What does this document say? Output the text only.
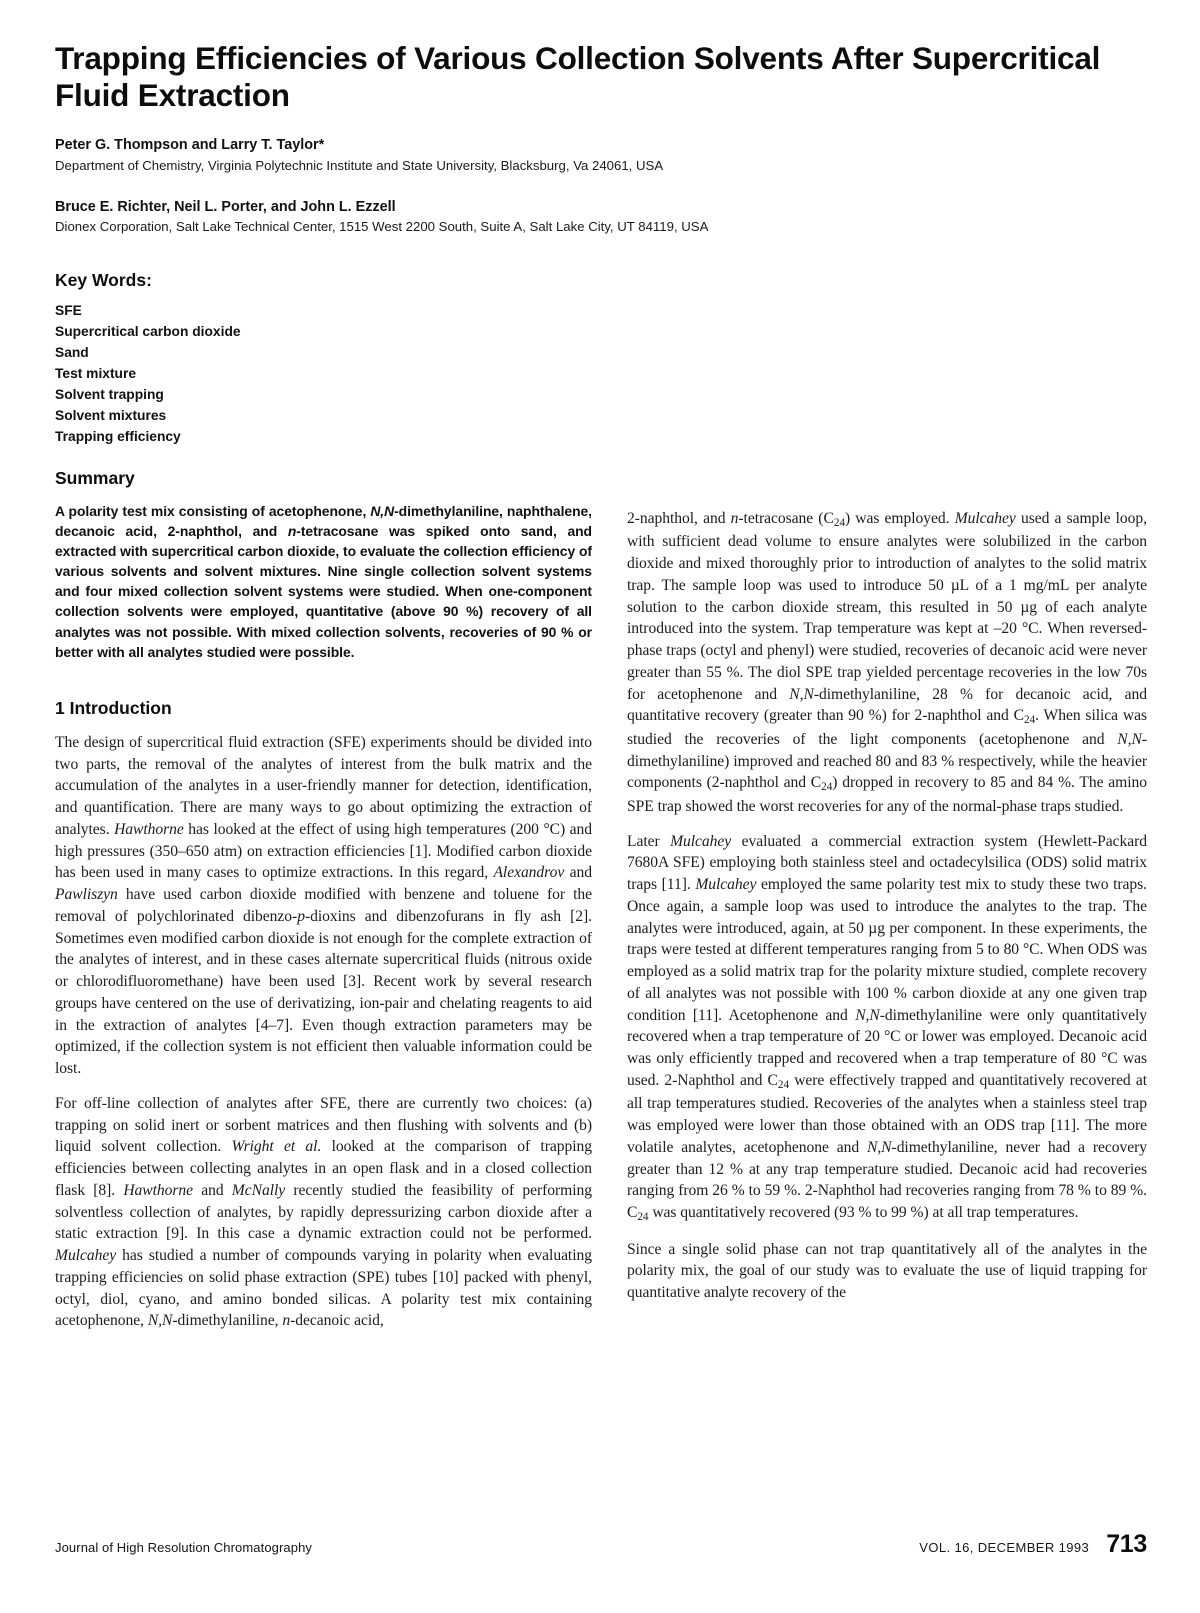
Trapping Efficiencies of Various Collection Solvents After Supercritical Fluid Extraction
Peter G. Thompson and Larry T. Taylor*
Department of Chemistry, Virginia Polytechnic Institute and State University, Blacksburg, Va 24061, USA
Bruce E. Richter, Neil L. Porter, and John L. Ezzell
Dionex Corporation, Salt Lake Technical Center, 1515 West 2200 South, Suite A, Salt Lake City, UT 84119, USA
Key Words:
SFE
Supercritical carbon dioxide
Sand
Test mixture
Solvent trapping
Solvent mixtures
Trapping efficiency
Summary

A polarity test mix consisting of acetophenone, N,N-dimethylaniline, naphthalene, decanoic acid, 2-naphthol, and n-tetracosane was spiked onto sand, and extracted with supercritical carbon dioxide, to evaluate the collection efficiency of various solvents and solvent mixtures. Nine single collection solvent systems and four mixed collection solvent systems were studied. When one-component collection solvents were employed, quantitative (above 90 %) recovery of all analytes was not possible. With mixed collection solvents, recoveries of 90 % or better with all analytes studied were possible.

1 Introduction

The design of supercritical fluid extraction (SFE) experiments should be divided into two parts, the removal of the analytes of interest from the bulk matrix and the accumulation of the analytes in a user-friendly manner for detection, identification, and quantification. There are many ways to go about optimizing the extraction of analytes. Hawthorne has looked at the effect of using high temperatures (200 °C) and high pressures (350–650 atm) on extraction efficiencies [1]. Modified carbon dioxide has been used in many cases to optimize extractions. In this regard, Alexandrov and Pawliszyn have used carbon dioxide modified with benzene and toluene for the removal of polychlorinated dibenzo-p-dioxins and dibenzofurans in fly ash [2]. Sometimes even modified carbon dioxide is not enough for the complete extraction of the analytes of interest, and in these cases alternate supercritical fluids (nitrous oxide or chlorodifluoromethane) have been used [3]. Recent work by several research groups have centered on the use of derivatizing, ion-pair and chelating reagents to aid in the extraction of analytes [4–7]. Even though extraction parameters may be optimized, if the collection system is not efficient then valuable information could be lost.

For off-line collection of analytes after SFE, there are currently two choices: (a) trapping on solid inert or sorbent matrices and then flushing with solvents and (b) liquid solvent collection. Wright et al. looked at the comparison of trapping efficiencies between collecting analytes in an open flask and in a closed collection flask [8]. Hawthorne and McNally recently studied the feasibility of performing solventless collection of analytes, by rapidly depressurizing carbon dioxide after a static extraction [9]. In this case a dynamic extraction could not be performed. Mulcahey has studied a number of compounds varying in polarity when evaluating trapping efficiencies on solid phase extraction (SPE) tubes [10] packed with phenyl, octyl, diol, cyano, and amino bonded silicas. A polarity test mix containing acetophenone, N,N-dimethylaniline, n-decanoic acid,

2-naphthol, and n-tetracosane $(C_{24})$ was employed. Mulcahey used a sample loop, with sufficient dead volume to ensure analytes were solubilized in the carbon dioxide and mixed thoroughly prior to introduction of analytes to the solid matrix trap. The sample loop was used to introduce 50 µL of a 1 mg/mL per analyte solution to the carbon dioxide stream, this resulted in 50 µg of each analyte introduced into the system. Trap temperature was kept at –20 °C. When reversed-phase traps (octyl and phenyl) were studied, recoveries of decanoic acid were never greater than 55 %. The diol SPE trap yielded percentage recoveries in the low 70s for acetophenone and N,N-dimethylaniline, 28 % for decanoic acid, and quantitative recovery (greater than 90 %) for 2-naphthol and $C_{24}$. When silica was studied the recoveries of the light components (acetophenone and N,N-dimethylaniline) improved and reached 80 and 83 % respectively, while the heavier components (2-naphthol and $C_{24}$) dropped in recovery to 85 and 84 %. The amino SPE trap showed the worst recoveries for any of the normal-phase traps studied.

Later Mulcahey evaluated a commercial extraction system (Hewlett-Packard 7680A SFE) employing both stainless steel and octadecylsilica (ODS) solid matrix traps [11]. Mulcahey employed the same polarity test mix to study these two traps. Once again, a sample loop was used to introduce the analytes to the trap. The analytes were introduced, again, at 50 µg per component. In these experiments, the traps were tested at different temperatures ranging from 5 to 80 °C. When ODS was employed as a solid matrix trap for the polarity mixture studied, complete recovery of all analytes was not possible with 100 % carbon dioxide at any one given trap condition [11]. Acetophenone and N,N-dimethylaniline were only quantitatively recovered when a trap temperature of 20 °C or lower was employed. Decanoic acid was only efficiently trapped and recovered when a trap temperature of 80 °C was used. 2-Naphthol and $C_{24}$ were effectively trapped and quantitatively recovered at all trap temperatures studied. Recoveries of the analytes when a stainless steel trap was employed were lower than those obtained with an ODS trap [11]. The more volatile analytes, acetophenone and N,N-dimethylaniline, never had a recovery greater than 12 % at any trap temperature studied. Decanoic acid had recoveries ranging from 26 % to 59 %. 2-Naphthol had recoveries ranging from 78 % to 89 %. $C_{24}$ was quantitatively recovered (93 % to 99 %) at all trap temperatures.

Since a single solid phase can not trap quantitatively all of the analytes in the polarity mix, the goal of our study was to evaluate the use of liquid trapping for quantitative analyte recovery of the

Journal of High Resolution Chromatography	VOL. 16, DECEMBER 1993 713
